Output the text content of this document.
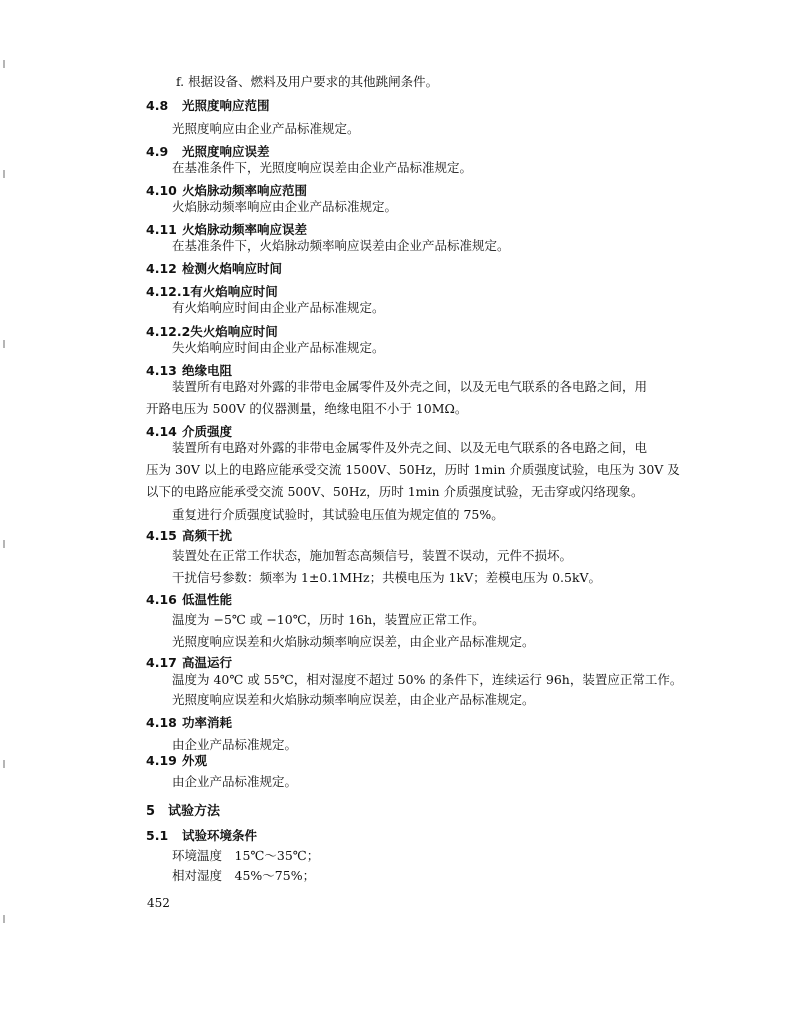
f. 根据设备、燃料及用户要求的其他跳闸条件。
4.8 光照度响应范围
光照度响应由企业产品标准规定。
4.9 光照度响应误差
在基准条件下，光照度响应误差由企业产品标准规定。
4.10 火焰脉动频率响应范围
火焰脉动频率响应由企业产品标准规定。
4.11 火焰脉动频率响应误差
在基准条件下，火焰脉动频率响应误差由企业产品标准规定。
4.12 检测火焰响应时间
4.12.1有火焰响应时间
有火焰响应时间由企业产品标准规定。
4.12.2失火焰响应时间
失火焰响应时间由企业产品标准规定。
4.13 绝缘电阻
装置所有电路对外露的非带电金属零件及外壳之间，以及无电气联系的各电路之间，用
开路电压为 500V 的仪器测量，绝缘电阻不小于 10MΩ。
4.14 介质强度
装置所有电路对外露的非带电金属零件及外壳之间、以及无电气联系的各电路之间，电
压为 30V 以上的电路应能承受交流 1500V、50Hz，历时 1min 介质强度试验，电压为 30V 及
以下的电路应能承受交流 500V、50Hz，历时 1min 介质强度试验，无击穿或闪络现象。
重复进行介质强度试验时，其试验电压值为规定值的 75%。
4.15 高频干扰
装置处在正常工作状态，施加暂态高频信号，装置不误动，元件不损坏。
干扰信号参数：频率为 1±0.1MHz；共模电压为 1kV；差模电压为 0.5kV。
4.16 低温性能
温度为 −5℃ 或 −10℃，历时 16h，装置应正常工作。
光照度响应误差和火焰脉动频率响应误差，由企业产品标准规定。
4.17 高温运行
温度为 40℃ 或 55℃，相对湿度不超过 50% 的条件下，连续运行 96h，装置应正常工作。
光照度响应误差和火焰脉动频率响应误差，由企业产品标准规定。
4.18 功率消耗
由企业产品标准规定。
4.19 外观
由企业产品标准规定。
5 试验方法
5.1 试验环境条件
环境温度　15℃～35℃；
相对湿度　45%～75%；
452
